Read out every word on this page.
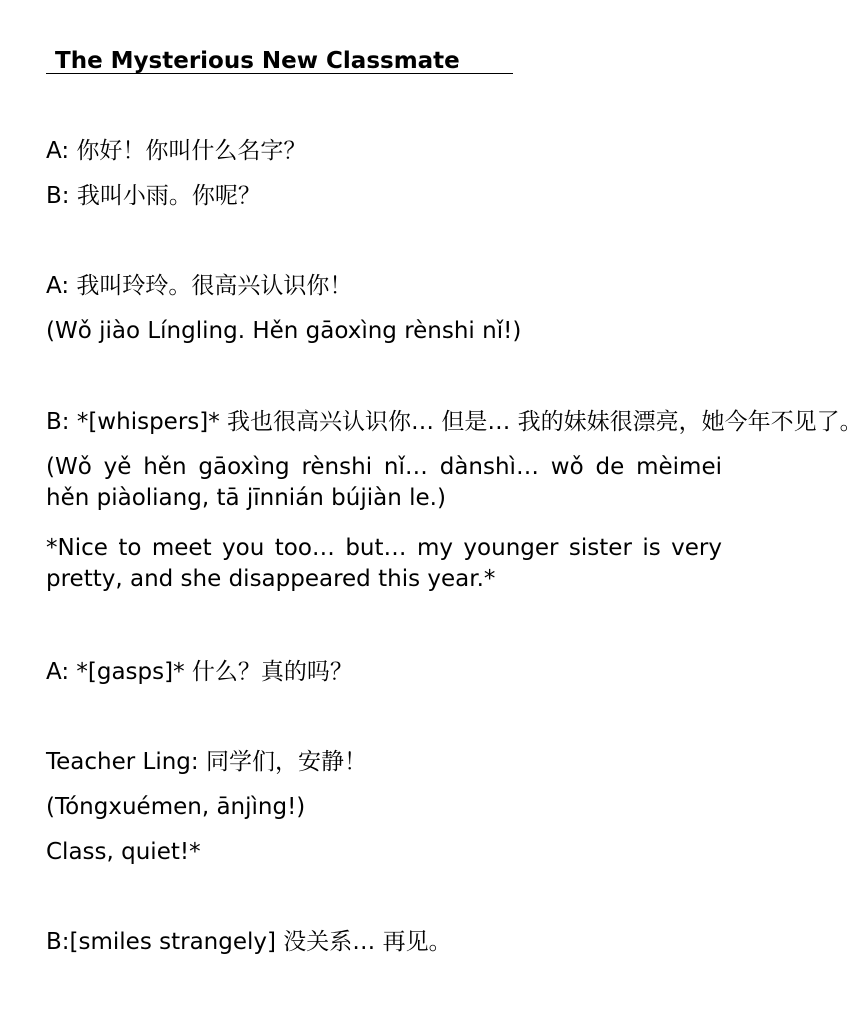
The Mysterious New Classmate
A: 你好！你叫什么名字？
B: 我叫小雨。你呢？
A: 我叫玲玲。很高兴认识你！
(Wǒ jiào Língling. Hěn gāoxìng rènshi nǐ!)
B: *[whispers]* 我也很高兴认识你… 但是… 我的妹妹很漂亮，她今年不见了。
(Wǒ yě hěn gāoxìng rènshi nǐ… dànshì… wǒ de mèimei hěn piàoliang, tā jīnnián bújiàn le.)
*Nice to meet you too… but… my younger sister is very pretty, and she disappeared this year.*
A: *[gasps]* 什么？真的吗？
Teacher Ling: 同学们，安静！
(Tóngxuémen, ānjìng!)
Class, quiet!*
B:[smiles strangely] 没关系… 再见。
